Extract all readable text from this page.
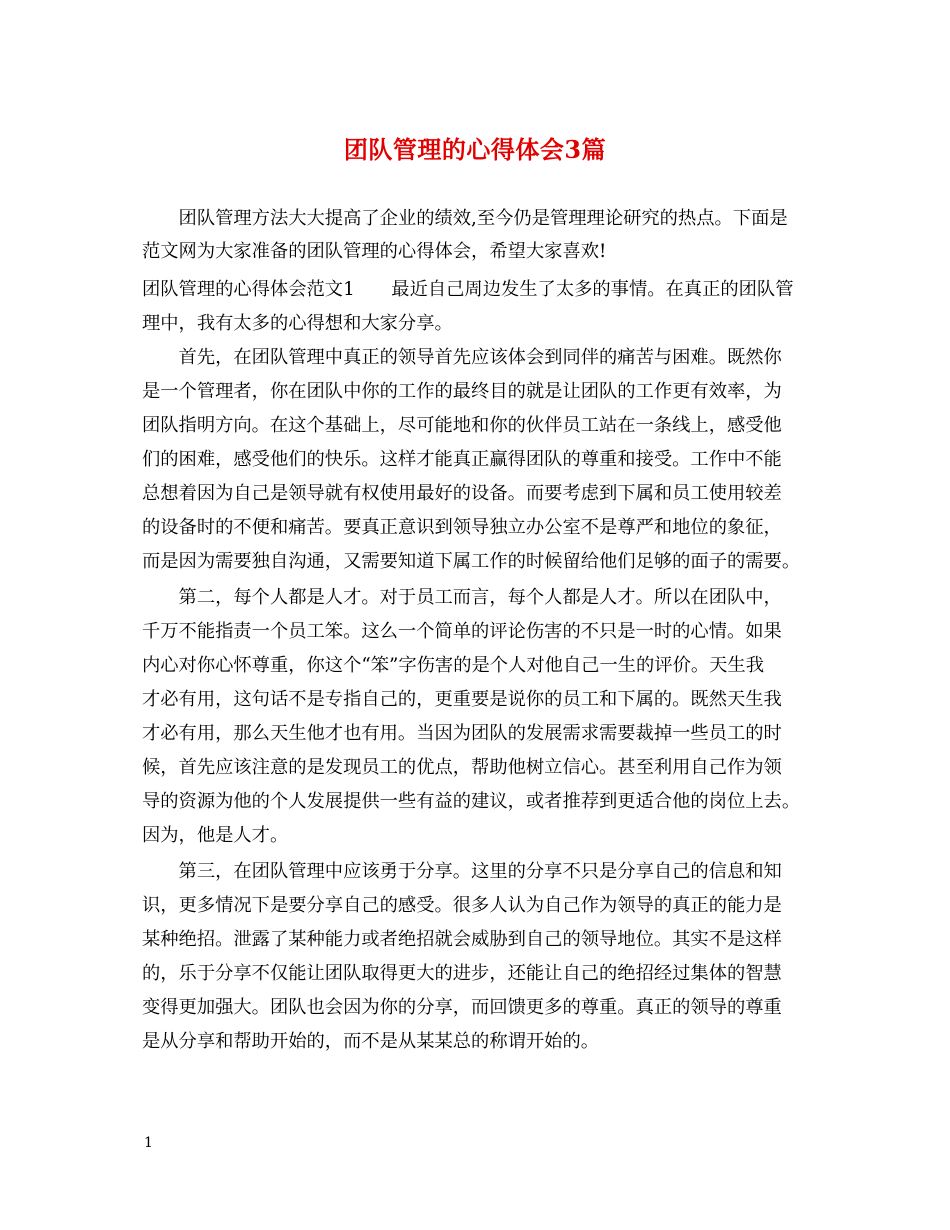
团队管理的心得体会3篇
　　团队管理方法大大提高了企业的绩效,至今仍是管理理论研究的热点。下面是
范文网为大家准备的团队管理的心得体会，希望大家喜欢!
团队管理的心得体会范文1　　最近自己周边发生了太多的事情。在真正的团队管
理中，我有太多的心得想和大家分享。
　　首先，在团队管理中真正的领导首先应该体会到同伴的痛苦与困难。既然你
是一个管理者，你在团队中你的工作的最终目的就是让团队的工作更有效率，为
团队指明方向。在这个基础上，尽可能地和你的伙伴员工站在一条线上，感受他
们的困难，感受他们的快乐。这样才能真正赢得团队的尊重和接受。工作中不能
总想着因为自己是领导就有权使用最好的设备。而要考虑到下属和员工使用较差
的设备时的不便和痛苦。要真正意识到领导独立办公室不是尊严和地位的象征，
而是因为需要独自沟通，又需要知道下属工作的时候留给他们足够的面子的需要。
　　第二，每个人都是人才。对于员工而言，每个人都是人才。所以在团队中，
千万不能指责一个员工笨。这么一个简单的评论伤害的不只是一时的心情。如果
内心对你心怀尊重，你这个“笨”字伤害的是个人对他自己一生的评价。天生我
才必有用，这句话不是专指自己的，更重要是说你的员工和下属的。既然天生我
才必有用，那么天生他才也有用。当因为团队的发展需求需要裁掉一些员工的时
候，首先应该注意的是发现员工的优点，帮助他树立信心。甚至利用自己作为领
导的资源为他的个人发展提供一些有益的建议，或者推荐到更适合他的岗位上去。
因为，他是人才。
　　第三，在团队管理中应该勇于分享。这里的分享不只是分享自己的信息和知
识，更多情况下是要分享自己的感受。很多人认为自己作为领导的真正的能力是
某种绝招。泄露了某种能力或者绝招就会威胁到自己的领导地位。其实不是这样
的，乐于分享不仅能让团队取得更大的进步，还能让自己的绝招经过集体的智慧
变得更加强大。团队也会因为你的分享，而回馈更多的尊重。真正的领导的尊重
是从分享和帮助开始的，而不是从某某总的称谓开始的。
1
